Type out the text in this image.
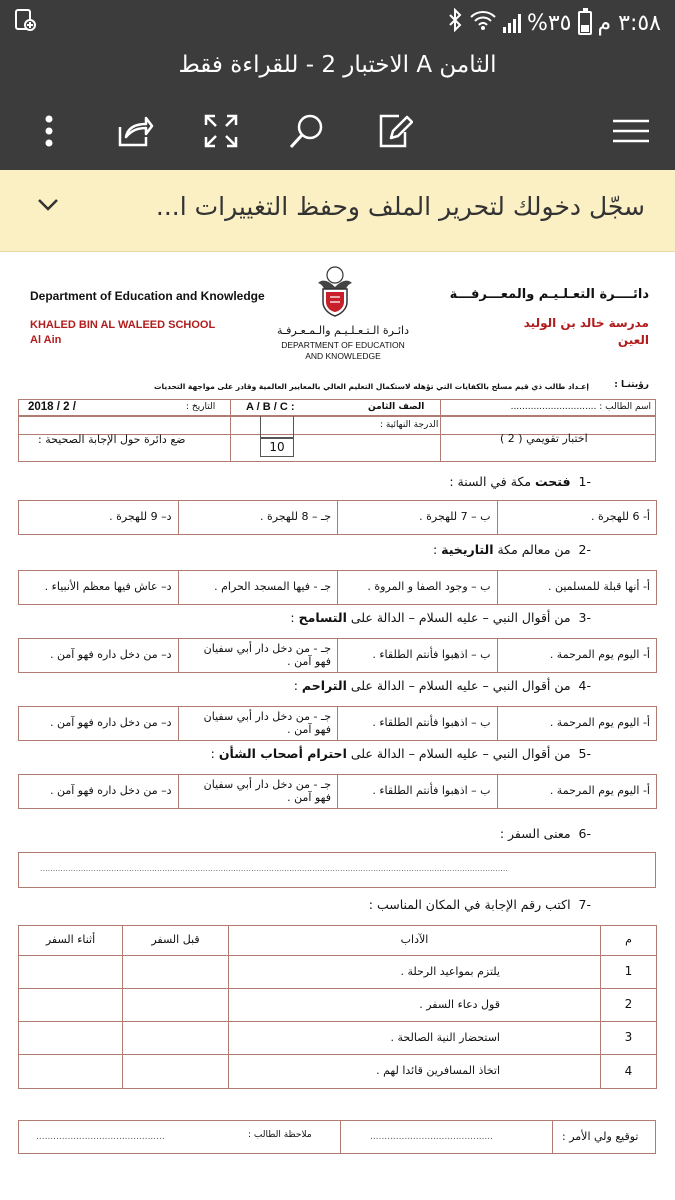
%٣٥ ٣:٥٨ م
الثامن A الاختبار 2 - للقراءة فقط
سجّل دخولك لتحرير الملف وحفظ التغييرات ا...
Department of Education and Knowledge	دائــــرة التعـلـيـم والمعـــرفـــة
KHALED BIN AL WALEED SCHOOL
Al Ain
مدرسة خالد بن الوليد
العين
دائـرة الـتـعـلـيـم والـمـعـرفـة
DEPARTMENT OF EDUCATION
AND KNOWLEDGE
إعـداد طالب ذي قيم مسلح بالكفايات التي تؤهله لاستكمال التعليم العالي بالمعايير العالمية وقادر على مواجهة التحديات	رؤيتنـا :
اسم الطالب : ..............................
الصف الثامن
A / B / C :
التاريخ :
2018 / 2 /
اختبار تقويمي ( 2 )
الدرجة النهائية :
10
ضع دائرة حول الإجابة الصحيحة :
-1  فتحت مكة في السنة :
أ- 6 للهجرة .	ب – 7 للهجرة .	جـ – 8 للهجرة .	د– 9 للهجرة .
-2  من معالم مكة التاريخية :
أ- أنها قبلة للمسلمين .	ب – وجود الصفا و المروة .	جـ - فيها المسجد الحرام .	د– عاش فيها معظم الأنبياء .
-3  من أقوال النبي – عليه السلام – الدالة على التسامح :
أ- اليوم يوم المرحمة .	ب – اذهبوا فأنتم الطلقاء .	جـ - من دخل دار أبي سفيان فهو آمن .	د– من دخل داره فهو آمن .
-4  من أقوال النبي – عليه السلام – الدالة على التراحم :
أ- اليوم يوم المرحمة .	ب – اذهبوا فأنتم الطلقاء .	جـ - من دخل دار أبي سفيان فهو آمن .	د– من دخل داره فهو آمن .
-5  من أقوال النبي – عليه السلام – الدالة على احترام أصحاب الشأن :
أ- اليوم يوم المرحمة .	ب – اذهبوا فأنتم الطلقاء .	جـ - من دخل دار أبي سفيان فهو آمن .	د– من دخل داره فهو آمن .
-6  معنى السفر :
........................................................................................................................................................................................
-7  اكتب رقم الإجابة في المكان المناسب :
م	الآداب	قبل السفر	أثناء السفر
1	يلتزم بمواعيد الرحلة .		
2	قول دعاء السفر .		
3	استحضار النية الصالحة .		
4	اتخاذ المسافرين قائدا لهم .		
توقيع ولي الأمر :
...........................................
ملاحظة الطالب :
.............................................
